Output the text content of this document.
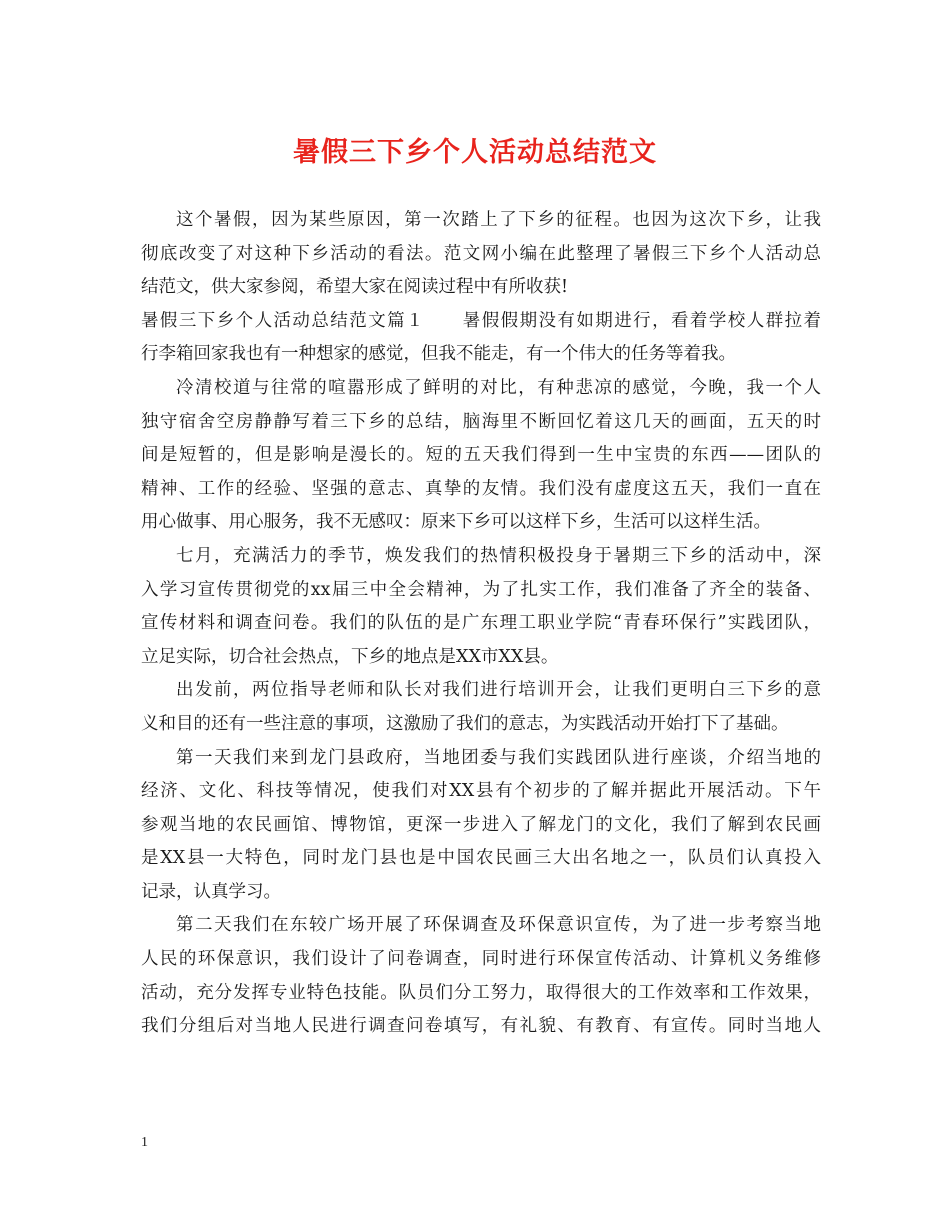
暑假三下乡个人活动总结范文
这个暑假，因为某些原因，第一次踏上了下乡的征程。也因为这次下乡，让我
彻底改变了对这种下乡活动的看法。范文网小编在此整理了暑假三下乡个人活动总
结范文，供大家参阅，希望大家在阅读过程中有所收获!
暑假三下乡个人活动总结范文篇１　　暑假假期没有如期进行，看着学校人群拉着
行李箱回家我也有一种想家的感觉，但我不能走，有一个伟大的任务等着我。
冷清校道与往常的喧嚣形成了鲜明的对比，有种悲凉的感觉，今晚，我一个人
独守宿舍空房静静写着三下乡的总结，脑海里不断回忆着这几天的画面，五天的时
间是短暂的，但是影响是漫长的。短的五天我们得到一生中宝贵的东西——团队的
精神、工作的经验、坚强的意志、真挚的友情。我们没有虚度这五天，我们一直在
用心做事、用心服务，我不无感叹：原来下乡可以这样下乡，生活可以这样生活。
七月，充满活力的季节，焕发我们的热情积极投身于暑期三下乡的活动中，深
入学习宣传贯彻党的xx届三中全会精神，为了扎实工作，我们准备了齐全的装备、
宣传材料和调查问卷。我们的队伍的是广东理工职业学院“青春环保行”实践团队，
立足实际，切合社会热点，下乡的地点是XX市XX县。
出发前，两位指导老师和队长对我们进行培训开会，让我们更明白三下乡的意
义和目的还有一些注意的事项，这激励了我们的意志，为实践活动开始打下了基础。
第一天我们来到龙门县政府，当地团委与我们实践团队进行座谈，介绍当地的
经济、文化、科技等情况，使我们对XX县有个初步的了解并据此开展活动。下午
参观当地的农民画馆、博物馆，更深一步进入了解龙门的文化，我们了解到农民画
是XX县一大特色，同时龙门县也是中国农民画三大出名地之一，队员们认真投入
记录，认真学习。
第二天我们在东较广场开展了环保调查及环保意识宣传，为了进一步考察当地
人民的环保意识，我们设计了问卷调查，同时进行环保宣传活动、计算机义务维修
活动，充分发挥专业特色技能。队员们分工努力，取得很大的工作效率和工作效果，
我们分组后对当地人民进行调查问卷填写，有礼貌、有教育、有宣传。同时当地人
1
